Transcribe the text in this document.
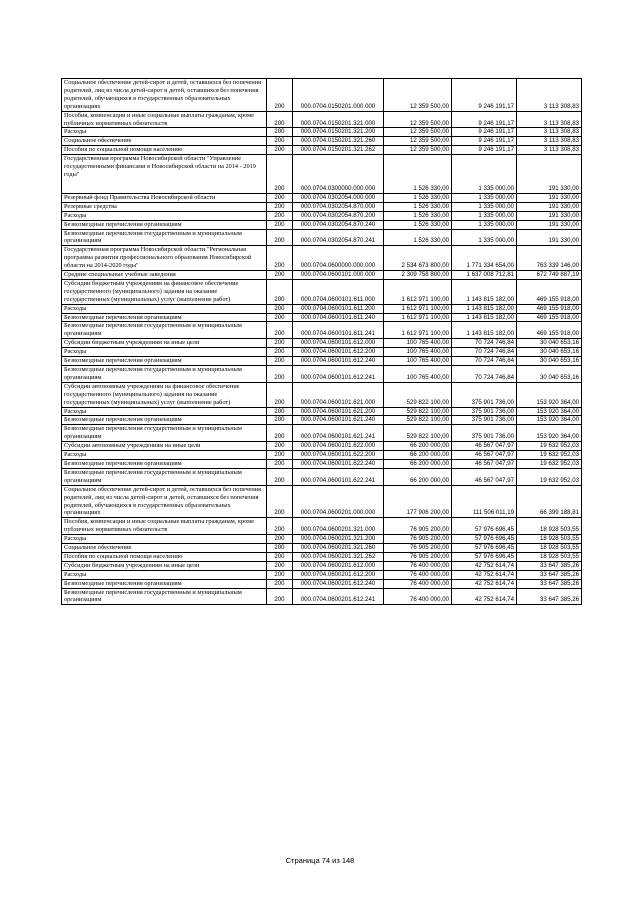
Социальное обеспечение детей-сирот и детей, оставшихся без попечения родителей, лиц из числа детей-сирот и детей, оставшихся без попечения родителей, обучающихся в государственных образовательных организациях	200	000.0704.0150201.000.000	12 359 500,00	9 246 191,17	3 113 308,83
Пособия, компенсации и иные социальные выплаты гражданам, кроме публичных нормативных обязательств	200	000.0704.0150201.321.000	12 359 500,00	9 246 191,17	3 113 308,83
Расходы	200	000.0704.0150201.321.200	12 359 500,00	9 246 191,17	3 113 308,83
Социальное обеспечение	200	000.0704.0150201.321.260	12 359 500,00	9 246 191,17	3 113 308,83
Пособия по социальной помощи населению	200	000.0704.0150201.321.262	12 359 500,00	9 246 191,17	3 113 308,83
Государственная программа Новосибирской области "Управление государственными финансами в Новосибирской области на 2014 - 2019 годы"	200	000.0704.0300000.000.000	1 526 330,00	1 335 000,00	191 330,00
Резервный фонд Правительства Новосибирской области	200	000.0704.0302054.000.000	1 526 330,00	1 335 000,00	191 330,00
Резервные средства	200	000.0704.0302054.870.000	1 526 330,00	1 335 000,00	191 330,00
Расходы	200	000.0704.0302054.870.200	1 526 330,00	1 335 000,00	191 330,00
Безвозмездные перечисления организациям	200	000.0704.0302054.870.240	1 526 330,00	1 335 000,00	191 330,00
Безвозмездные перечисления государственным и муниципальным организациям	200	000.0704.0302054.870.241	1 526 330,00	1 335 000,00	191 330,00
Государственная программа Новосибирской области "Региональная программа развития профессионального образования Новосибирской области на 2014-2020 годы"	200	000.0704.0600000.000.000	2 534 673 800,00	1 771 334 654,00	763 339 146,00
Средние специальные учебные заведения	200	000.0704.0600101.000.000	2 309 758 800,00	1 637 008 712,81	672 749 887,19
Субсидии бюджетным учреждениям на финансовое обеспечение государственного (муниципального) задания на оказание государственных (муниципальных) услуг (выполнение работ)	200	000.0704.0600101.611.000	1 612 971 100,00	1 143 815 182,00	469 155 918,00
Расходы	200	000.0704.0600101.611.200	1 612 971 100,00	1 143 815 182,00	469 155 918,00
Безвозмездные перечисления организациям	200	000.0704.0600101.611.240	1 612 971 100,00	1 143 815 182,00	469 155 918,00
Безвозмездные перечисления государственным и муниципальным организациям	200	000.0704.0600101.611.241	1 612 971 100,00	1 143 815 182,00	469 155 918,00
Субсидии бюджетным учреждениям на иные цели	200	000.0704.0600101.612.000	100 765 400,00	70 724 746,84	30 040 653,16
Расходы	200	000.0704.0600101.612.200	100 765 400,00	70 724 746,84	30 040 653,16
Безвозмездные перечисления организациям	200	000.0704.0600101.612.240	100 765 400,00	70 724 746,84	30 040 653,16
Безвозмездные перечисления государственным и муниципальным организациям	200	000.0704.0600101.612.241	100 765 400,00	70 724 746,84	30 040 653,16
Субсидии автономным учреждениям на финансовое обеспечение государственного (муниципального) задания на оказание государственных (муниципальных) услуг (выполнение работ)	200	000.0704.0600101.621.000	529 822 100,00	375 901 736,00	153 920 364,00
Расходы	200	000.0704.0600101.621.200	529 822 100,00	375 901 736,00	153 920 364,00
Безвозмездные перечисления организациям	200	000.0704.0600101.621.240	529 822 100,00	375 901 736,00	153 920 364,00
Безвозмездные перечисления государственным и муниципальным организациям	200	000.0704.0600101.621.241	529 822 100,00	375 901 736,00	153 920 364,00
Субсидии автономным учреждениям на иные цели	200	000.0704.0600101.622.000	66 200 000,00	46 567 047,97	19 632 952,03
Расходы	200	000.0704.0600101.622.200	66 200 000,00	46 567 047,97	19 632 952,03
Безвозмездные перечисления организациям	200	000.0704.0600101.622.240	66 200 000,00	46 567 047,97	19 632 952,03
Безвозмездные перечисления государственным и муниципальным организациям	200	000.0704.0600101.622.241	66 200 000,00	46 567 047,97	19 632 952,03
Социальное обеспечение детей-сирот и детей, оставшихся без попечения родителей, лиц из числа детей-сирот и детей, оставшихся без попечения родителей, обучающихся в государственных образовательных организациях	200	000.0704.0600201.000.000	177 906 200,00	111 506 011,19	66 399 188,81
Пособия, компенсации и иные социальные выплаты гражданам, кроме публичных нормативных обязательств	200	000.0704.0600201.321.000	76 905 200,00	57 976 696,45	18 928 503,55
Расходы	200	000.0704.0600201.321.200	76 905 200,00	57 976 696,45	18 928 503,55
Социальное обеспечение	200	000.0704.0600201.321.260	76 905 200,00	57 976 696,45	18 928 503,55
Пособия по социальной помощи населению	200	000.0704.0600201.321.262	76 905 200,00	57 976 696,45	18 928 503,55
Субсидии бюджетным учреждениям на иные цели	200	000.0704.0600201.612.000	76 400 000,00	42 752 614,74	33 647 385,26
Расходы	200	000.0704.0600201.612.200	76 400 000,00	42 752 614,74	33 647 385,26
Безвозмездные перечисления организациям	200	000.0704.0600201.612.240	76 400 000,00	42 752 614,74	33 647 385,26
Безвозмездные перечисления государственным и муниципальным организациям	200	000.0704.0600201.612.241	76 400 000,00	42 752 614,74	33 647 385,26
Страница 74 из 148
